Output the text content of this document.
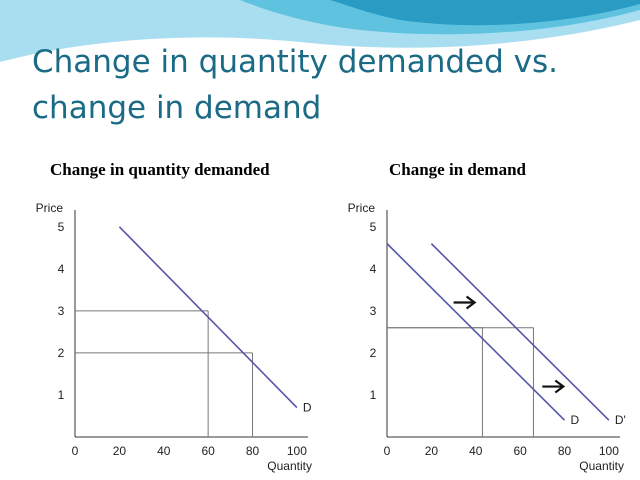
Change in quantity demanded vs.
change in demand
Change in quantity demanded	Change in demand
Price
Quantity
0	20	40	60	80 100
1
2
3
4
5
D
Price
Quantity
0	20	40	60	80 100
1
2
3
4
5
D	D'
